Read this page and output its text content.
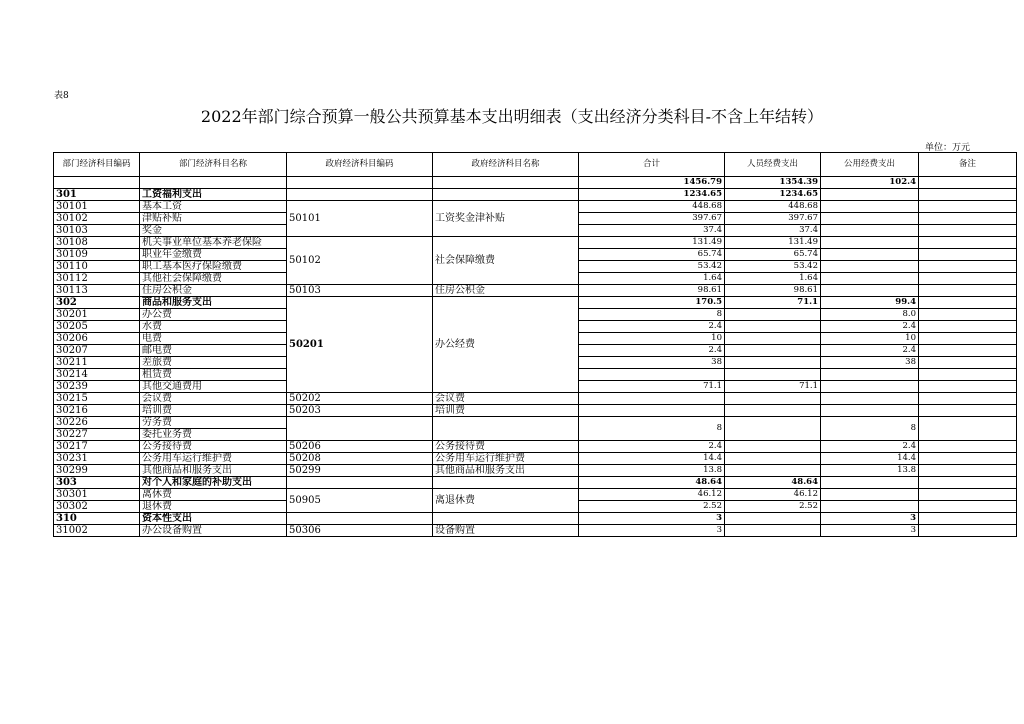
表8
2022年部门综合预算一般公共预算基本支出明细表（支出经济分类科目-不含上年结转）
单位：万元
部门经济科目编码	部门经济科目名称	政府经济科目编码	政府经济科目名称	合计	人员经费支出	公用经费支出	备注
				1456.79	1354.39	102.4	
301	工资福利支出			1234.65	1234.65		
30101	基本工资	50101	工资奖金津补贴	448.68	448.68		
30102	津贴补贴			397.67	397.67		
30103	奖金			37.4	37.4		
30108	机关事业单位基本养老保险	50102	社会保障缴费	131.49	131.49		
30109	职业年金缴费			65.74	65.74		
30110	职工基本医疗保险缴费			53.42	53.42		
30112	其他社会保障缴费			1.64	1.64		
30113	住房公积金	50103	住房公积金	98.61	98.61		
302	商品和服务支出	50201	办公经费	170.5	71.1	99.4	
30201	办公费			8		8.0	
30205	水费			2.4		2.4	
30206	电费			10		10	
30207	邮电费			2.4		2.4	
30211	差旅费			38		38	
30214	租赁费						
30239	其他交通费用			71.1	71.1		
30215	会议费	50202	会议费				
30216	培训费	50203	培训费				
30226	劳务费			8		8	
30227	委托业务费						
30217	公务接待费	50206	公务接待费	2.4		2.4	
30231	公务用车运行维护费	50208	公务用车运行维护费	14.4		14.4	
30299	其他商品和服务支出	50299	其他商品和服务支出	13.8		13.8	
303	对个人和家庭的补助支出			48.64	48.64		
30301	离休费	50905	离退休费	46.12	46.12		
30302	退休费			2.52	2.52		
310	资本性支出			3		3	
31002	办公设备购置	50306	设备购置	3		3	
